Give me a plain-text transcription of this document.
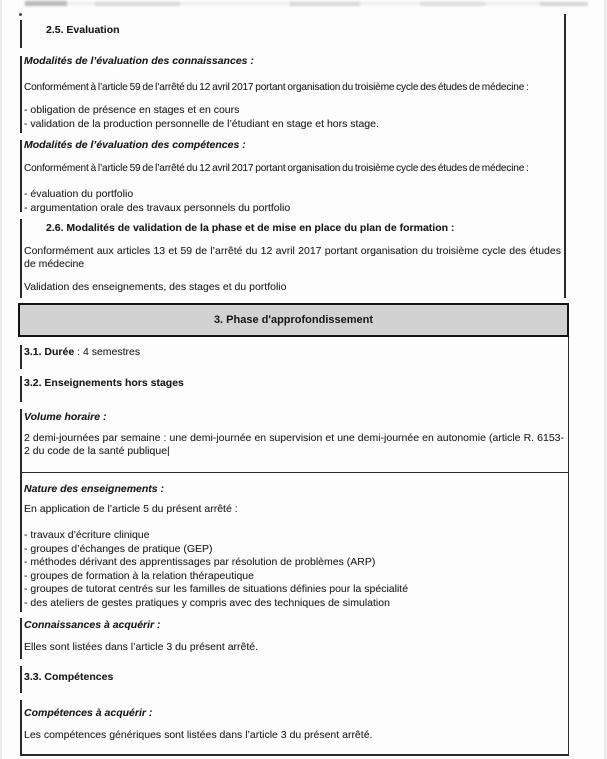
2.5. Evaluation
Modalités de l’évaluation des connaissances :
Conformément à l’article 59 de l’arrêté du 12 avril 2017 portant organisation du troisième cycle des études de médecine :
- obligation de présence en stages et en cours
- validation de la production personnelle de l’étudiant en stage et hors stage.
Modalités de l’évaluation des compétences :
Conformément à l’article 59 de l’arrêté du 12 avril 2017 portant organisation du troisième cycle des études de médecine :
- évaluation du portfolio
- argumentation orale des travaux personnels du portfolio
2.6. Modalités de validation de la phase et de mise en place du plan de formation :
Conformément aux articles 13 et 59 de l’arrêté du 12 avril 2017 portant organisation du troisième cycle des études de médecine
Validation des enseignements, des stages et du portfolio
3. Phase d'approfondissement
3.1. Durée : 4 semestres
3.2. Enseignements hors stages
Volume horaire :
2 demi-journées par semaine : une demi-journée en supervision et une demi-journée en autonomie (article R. 6153-2 du code de la santé publique|
Nature des enseignements :
En application de l’article 5 du présent arrêté :
- travaux d’écriture clinique
- groupes d’échanges de pratique (GEP)
- méthodes dérivant des apprentissages par résolution de problèmes (ARP)
- groupes de formation à la relation thérapeutique
- groupes de tutorat centrés sur les familles de situations définies pour la spécialité
- des ateliers de gestes pratiques y compris avec des techniques de simulation
Connaissances à acquérir :
Elles sont listées dans l’article 3 du présent arrêté.
3.3. Compétences
Compétences à acquérir :
Les compétences génériques sont listées dans l’article 3 du présent arrêté.
